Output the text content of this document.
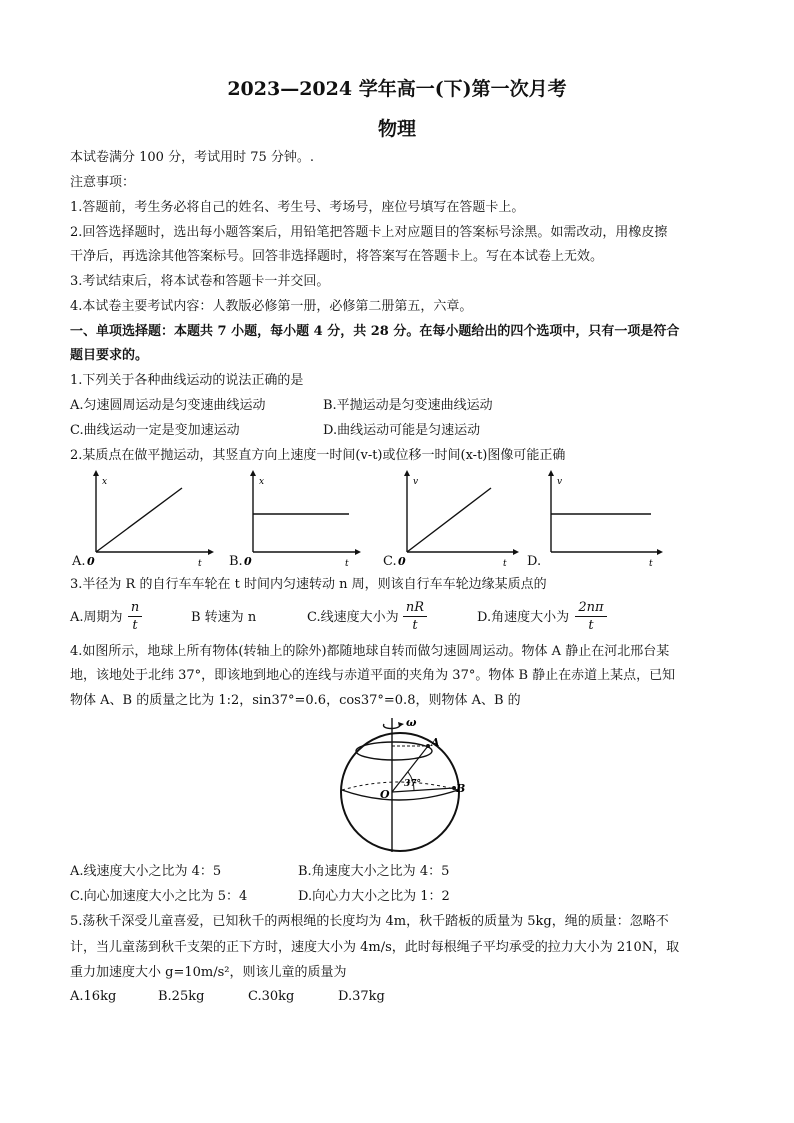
2023—2024 学年高一(下)第一次月考
物理
本试卷满分 100 分，考试用时 75 分钟。.
注意事项：
1.答题前，考生务必将自己的姓名、考生号、考场号，座位号填写在答题卡上。
2.回答选择题时，选出每小题答案后，用铅笔把答题卡上对应题目的答案标号涂黑。如需改动，用橡皮擦
干净后，再选涂其他答案标号。回答非选择题时，将答案写在答题卡上。写在本试卷上无效。
3.考试结束后，将本试卷和答题卡一并交回。
4.本试卷主要考试内容：人教版必修第一册，必修第二册第五，六章。
一、单项选择题：本题共 7 小题，每小题 4 分，共 28 分。在每小题给出的四个选项中，只有一项是符合
题目要求的。
1.下列关于各种曲线运动的说法正确的是
A.匀速圆周运动是匀变速曲线运动	B.平抛运动是匀变速曲线运动
C.曲线运动一定是变加速运动	D.曲线运动可能是匀速运动
2.某质点在做平抛运动，其竖直方向上速度一时间(v-t)或位移一时间(x-t)图像可能正确
A.
x
t
0	B.
x
t
0	C.
v
t
0	D.
v
t
3.半径为 R 的自行车车轮在 t 时间内匀速转动 n 周，则该自行车车轮边缘某质点的
A.周期为
n
t
B 转速为 n	C.线速度大小为
nR
t
D.角速度大小为
2nπ
t
4.如图所示，地球上所有物体(转轴上的除外)都随地球自转而做匀速圆周运动。物体 A 静止在河北邢台某
地，该地处于北纬 37°，即该地到地心的连线与赤道平面的夹角为 37°。物体 B 静止在赤道上某点，已知
物体 A、B 的质量之比为 1:2，sin37°=0.6，cos37°=0.8，则物体 A、B 的
ω
A
B
O
37°
A.线速度大小之比为 4：5	B.角速度大小之比为 4：5
C.向心加速度大小之比为 5：4	D.向心力大小之比为 1：2
5.荡秋千深受儿童喜爱，已知秋千的两根绳的长度均为 4m，秋千踏板的质量为 5kg，绳的质量：忽略不
计，当儿童荡到秋千支架的正下方时，速度大小为 4m/s，此时每根绳子平均承受的拉力大小为 210N，取
重力加速度大小 g=10m/s²，则该儿童的质量为
A.16kg	B.25kg	C.30kg	D.37kg
